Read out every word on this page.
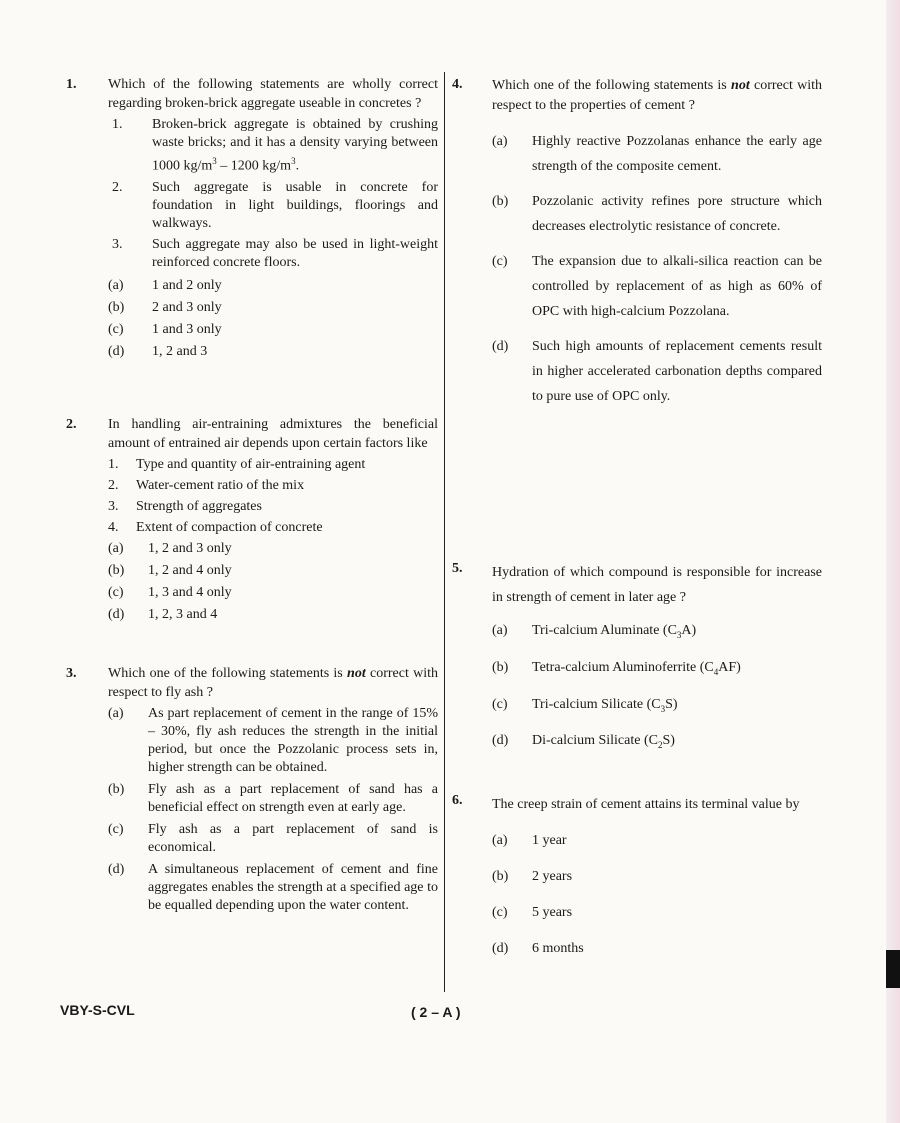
1. Which of the following statements are wholly correct regarding broken-brick aggregate useable in concretes ?
1. Broken-brick aggregate is obtained by crushing waste bricks; and it has a density varying between 1000 $kg/m^3 - 1200$ $kg/m^3$.
2. Such aggregate is usable in concrete for foundation in light buildings, floorings and walkways.
3. Such aggregate may also be used in light-weight reinforced concrete floors.
(a) 1 and 2 only
(b) 2 and 3 only
(c) 1 and 3 only
(d) 1, 2 and 3
2. In handling air-entraining admixtures the beneficial amount of entrained air depends upon certain factors like
1. Type and quantity of air-entraining agent
2. Water-cement ratio of the mix
3. Strength of aggregates
4. Extent of compaction of concrete
(a) 1, 2 and 3 only
(b) 1, 2 and 4 only
(c) 1, 3 and 4 only
(d) 1, 2, 3 and 4
3. Which one of the following statements is not correct with respect to fly ash ?
(a) As part replacement of cement in the range of 15% – 30%, fly ash reduces the strength in the initial period, but once the Pozzolanic process sets in, higher strength can be obtained.
(b) Fly ash as a part replacement of sand has a beneficial effect on strength even at early age.
(c) Fly ash as a part replacement of sand is economical.
(d) A simultaneous replacement of cement and fine aggregates enables the strength at a specified age to be equalled depending upon the water content.
4. Which one of the following statements is not correct with respect to the properties of cement ?
(a) Highly reactive Pozzolanas enhance the early age strength of the composite cement.
(b) Pozzolanic activity refines pore structure which decreases electrolytic resistance of concrete.
(c) The expansion due to alkali-silica reaction can be controlled by replacement of as high as 60% of OPC with high-calcium Pozzolana.
(d) Such high amounts of replacement cements result in higher accelerated carbonation depths compared to pure use of OPC only.
5. Hydration of which compound is responsible for increase in strength of cement in later age ?
(a) Tri-calcium Aluminate $(C_3A)$
(b) Tetra-calcium Aluminoferrite $(C_4AF)$
(c) Tri-calcium Silicate $(C_3S)$
(d) Di-calcium Silicate $(C_2S)$
6. The creep strain of cement attains its terminal value by
(a) 1 year
(b) 2 years
(c) 5 years
(d) 6 months
VBY-S-CVL	( 2 – A )
